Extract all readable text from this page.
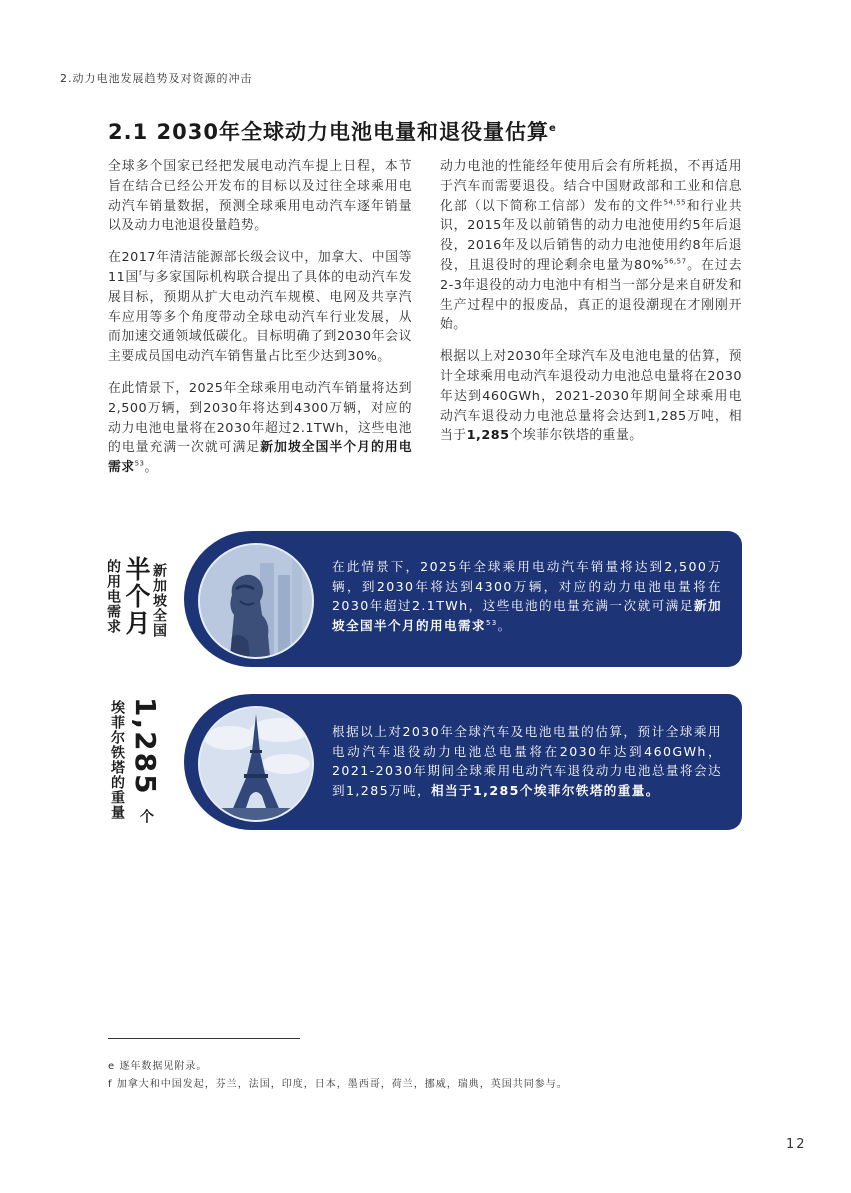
2.动力电池发展趋势及对资源的冲击
2.1 2030年全球动力电池电量和退役量估算$^e$

全球多个国家已经把发展电动汽车提上日程，本节旨在结合已经公开发布的目标以及过往全球乘用电动汽车销量数据，预测全球乘用电动汽车逐年销量以及动力电池退役量趋势。

在2017年清洁能源部长级会议中，加拿大、中国等11国$^f$与多家国际机构联合提出了具体的电动汽车发展目标，预期从扩大电动汽车规模、电网及共享汽车应用等多个角度带动全球电动汽车行业发展，从而加速交通领域低碳化。目标明确了到2030年会议主要成员国电动汽车销售量占比至少达到30%。

在此情景下，2025年全球乘用电动汽车销量将达到2,500万辆，到2030年将达到4300万辆，对应的动力电池电量将在2030年超过2.1TWh，这些电池的电量充满一次就可满足新加坡全国半个月的用电需求$^{53}$。

动力电池的性能经年使用后会有所耗损，不再适用于汽车而需要退役。结合中国财政部和工业和信息化部（以下简称工信部）发布的文件$^{54,55}$和行业共识，2015年及以前销售的动力电池使用约5年后退役，2016年及以后销售的动力电池使用约8年后退役，且退役时的理论剩余电量为80%$^{56,57}$。在过去2-3年退役的动力电池中有相当一部分是来自研发和生产过程中的报废品，真正的退役潮现在才刚刚开始。

根据以上对2030年全球汽车及电池电量的估算，预计全球乘用电动汽车退役动力电池总电量将在2030年达到460GWh，2021-2030年期间全球乘用电动汽车退役动力电池总量将会达到1,285万吨，相当于1,285个埃菲尔铁塔的重量。

新加坡全国
半个月
的用电需求	在此情景下，2025年全球乘用电动汽车销量将达到2,500万辆，到2030年将达到4300万辆，对应的动力电池电量将在2030年超过2.1TWh，这些电池的电量充满一次就可满足新加坡全国半个月的用电需求$^{53}$。
1,285
个
埃菲尔铁塔的重量	根据以上对2030年全球汽车及电池电量的估算，预计全球乘用电动汽车退役动力电池总电量将在2030年达到460GWh，2021-2030年期间全球乘用电动汽车退役动力电池总量将会达到1,285万吨，相当于1,285个埃菲尔铁塔的重量。
e 逐年数据见附录。
f 加拿大和中国发起，芬兰，法国，印度，日本，墨西哥，荷兰，挪威，瑞典，英国共同参与。
12
